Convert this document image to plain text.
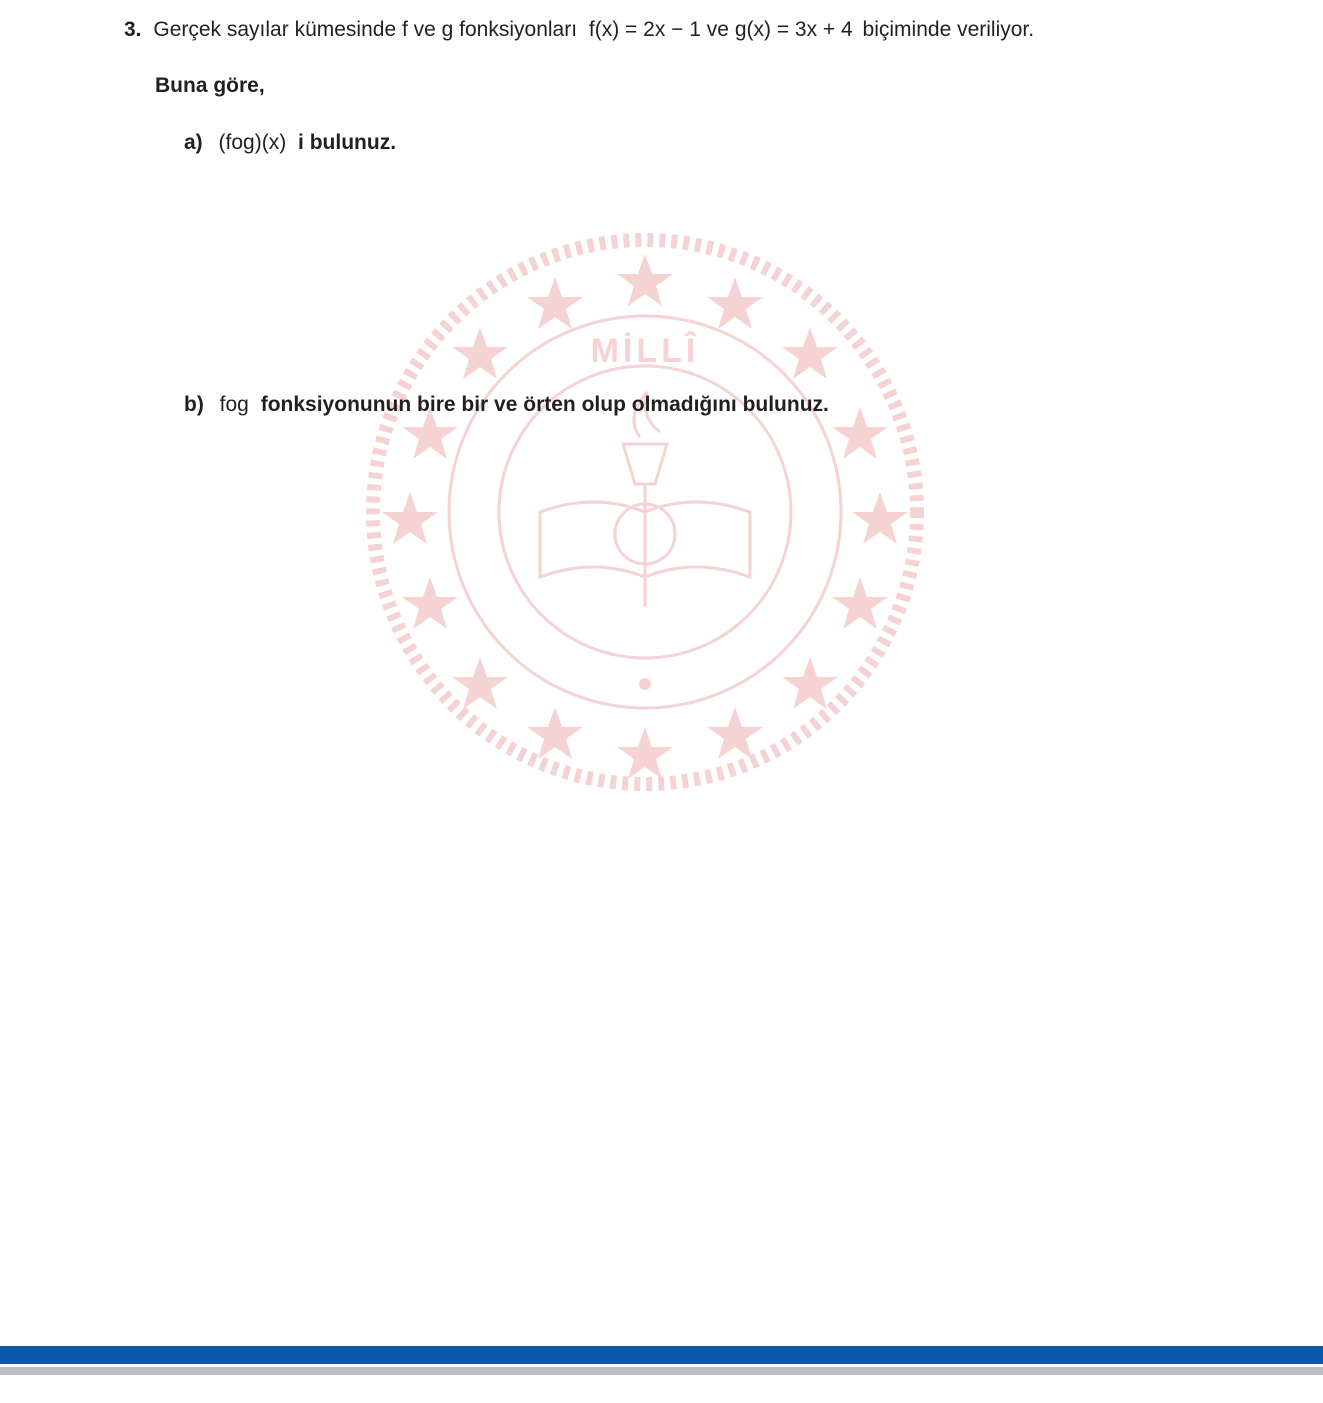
MİLLÎ
3. Gerçek sayılar kümesinde f ve g fonksiyonları f(x) = 2x − 1 ve g(x) = 3x + 4 biçiminde veriliyor.
Buna göre,
a) (fog)(x) i bulunuz.
b) fog fonksiyonunun bire bir ve örten olup olmadığını bulunuz.
